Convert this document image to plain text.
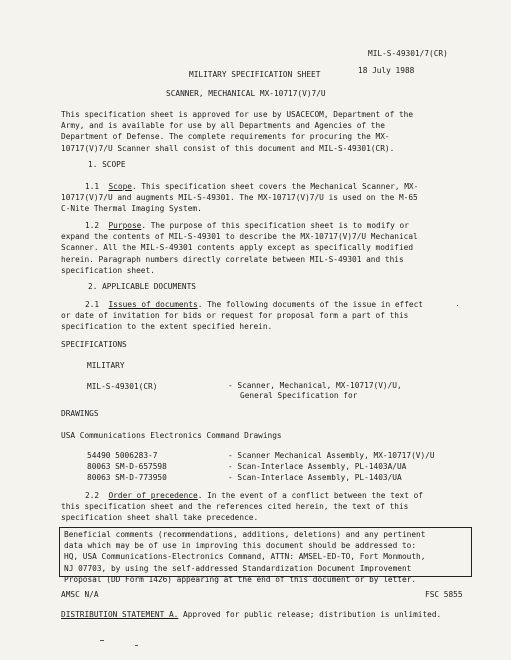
MIL-S-49301/7(CR)
18 July 1988
MILITARY SPECIFICATION SHEET
SCANNER, MECHANICAL MX-10717(V)7/U
This specification sheet is approved for use by USACECOM, Department of the
Army, and is available for use by all Departments and Agencies of the
Department of Defense. The complete requirements for procuring the MX-
10717(V)7/U Scanner shall consist of this document and MIL-S-49301(CR).
1. SCOPE
1.1 Scope. This specification sheet covers the Mechanical Scanner, MX-
10717(V)7/U and augments MIL-S-49301. The MX-10717(V)7/U is used on the M-65
C-Nite Thermal Imaging System.
1.2 Purpose. The purpose of this specification sheet is to modify or
expand the contents of MIL-S-49301 to describe the MX-10717(V)7/U Mechanical
Scanner. All the MIL-S-49301 contents apply except as specifically modified
herein. Paragraph numbers directly correlate between MIL-S-49301 and this
specification sheet.
2. APPLICABLE DOCUMENTS
2.1 Issues of documents. The following documents of the issue in effect
or date of invitation for bids or request for proposal form a part of this
specification to the extent specified herein.
SPECIFICATIONS
MILITARY
MIL-S-49301(CR)	- Scanner, Mechanical, MX-10717(V)/U,
General Specification for
DRAWINGS
USA Communications Electronics Command Drawings
54490 5006283-7	- Scanner Mechanical Assembly, MX-10717(V)/U
80063 SM-D-657598	- Scan-Interlace Assembly, PL-1403A/UA
80063 SM-D-773950	- Scan-Interlace Assembly, PL-1403/UA
2.2 Order of precedence. In the event of a conflict between the text of
this specification sheet and the references cited herein, the text of this
specification sheet shall take precedence.
Beneficial comments (recommendations, additions, deletions) and any pertinent
data which may be of use in improving this document should be addressed to:
HQ, USA Communications-Electronics Command, ATTN: AMSEL-ED-TO, Fort Monmouth,
NJ 07703, by using the self-addressed Standardization Document Improvement
Proposal (DD Form 1426) appearing at the end of this document or by letter.
AMSC N/A	FSC 5855
DISTRIBUTION STATEMENT A. Approved for public release; distribution is unlimited.
